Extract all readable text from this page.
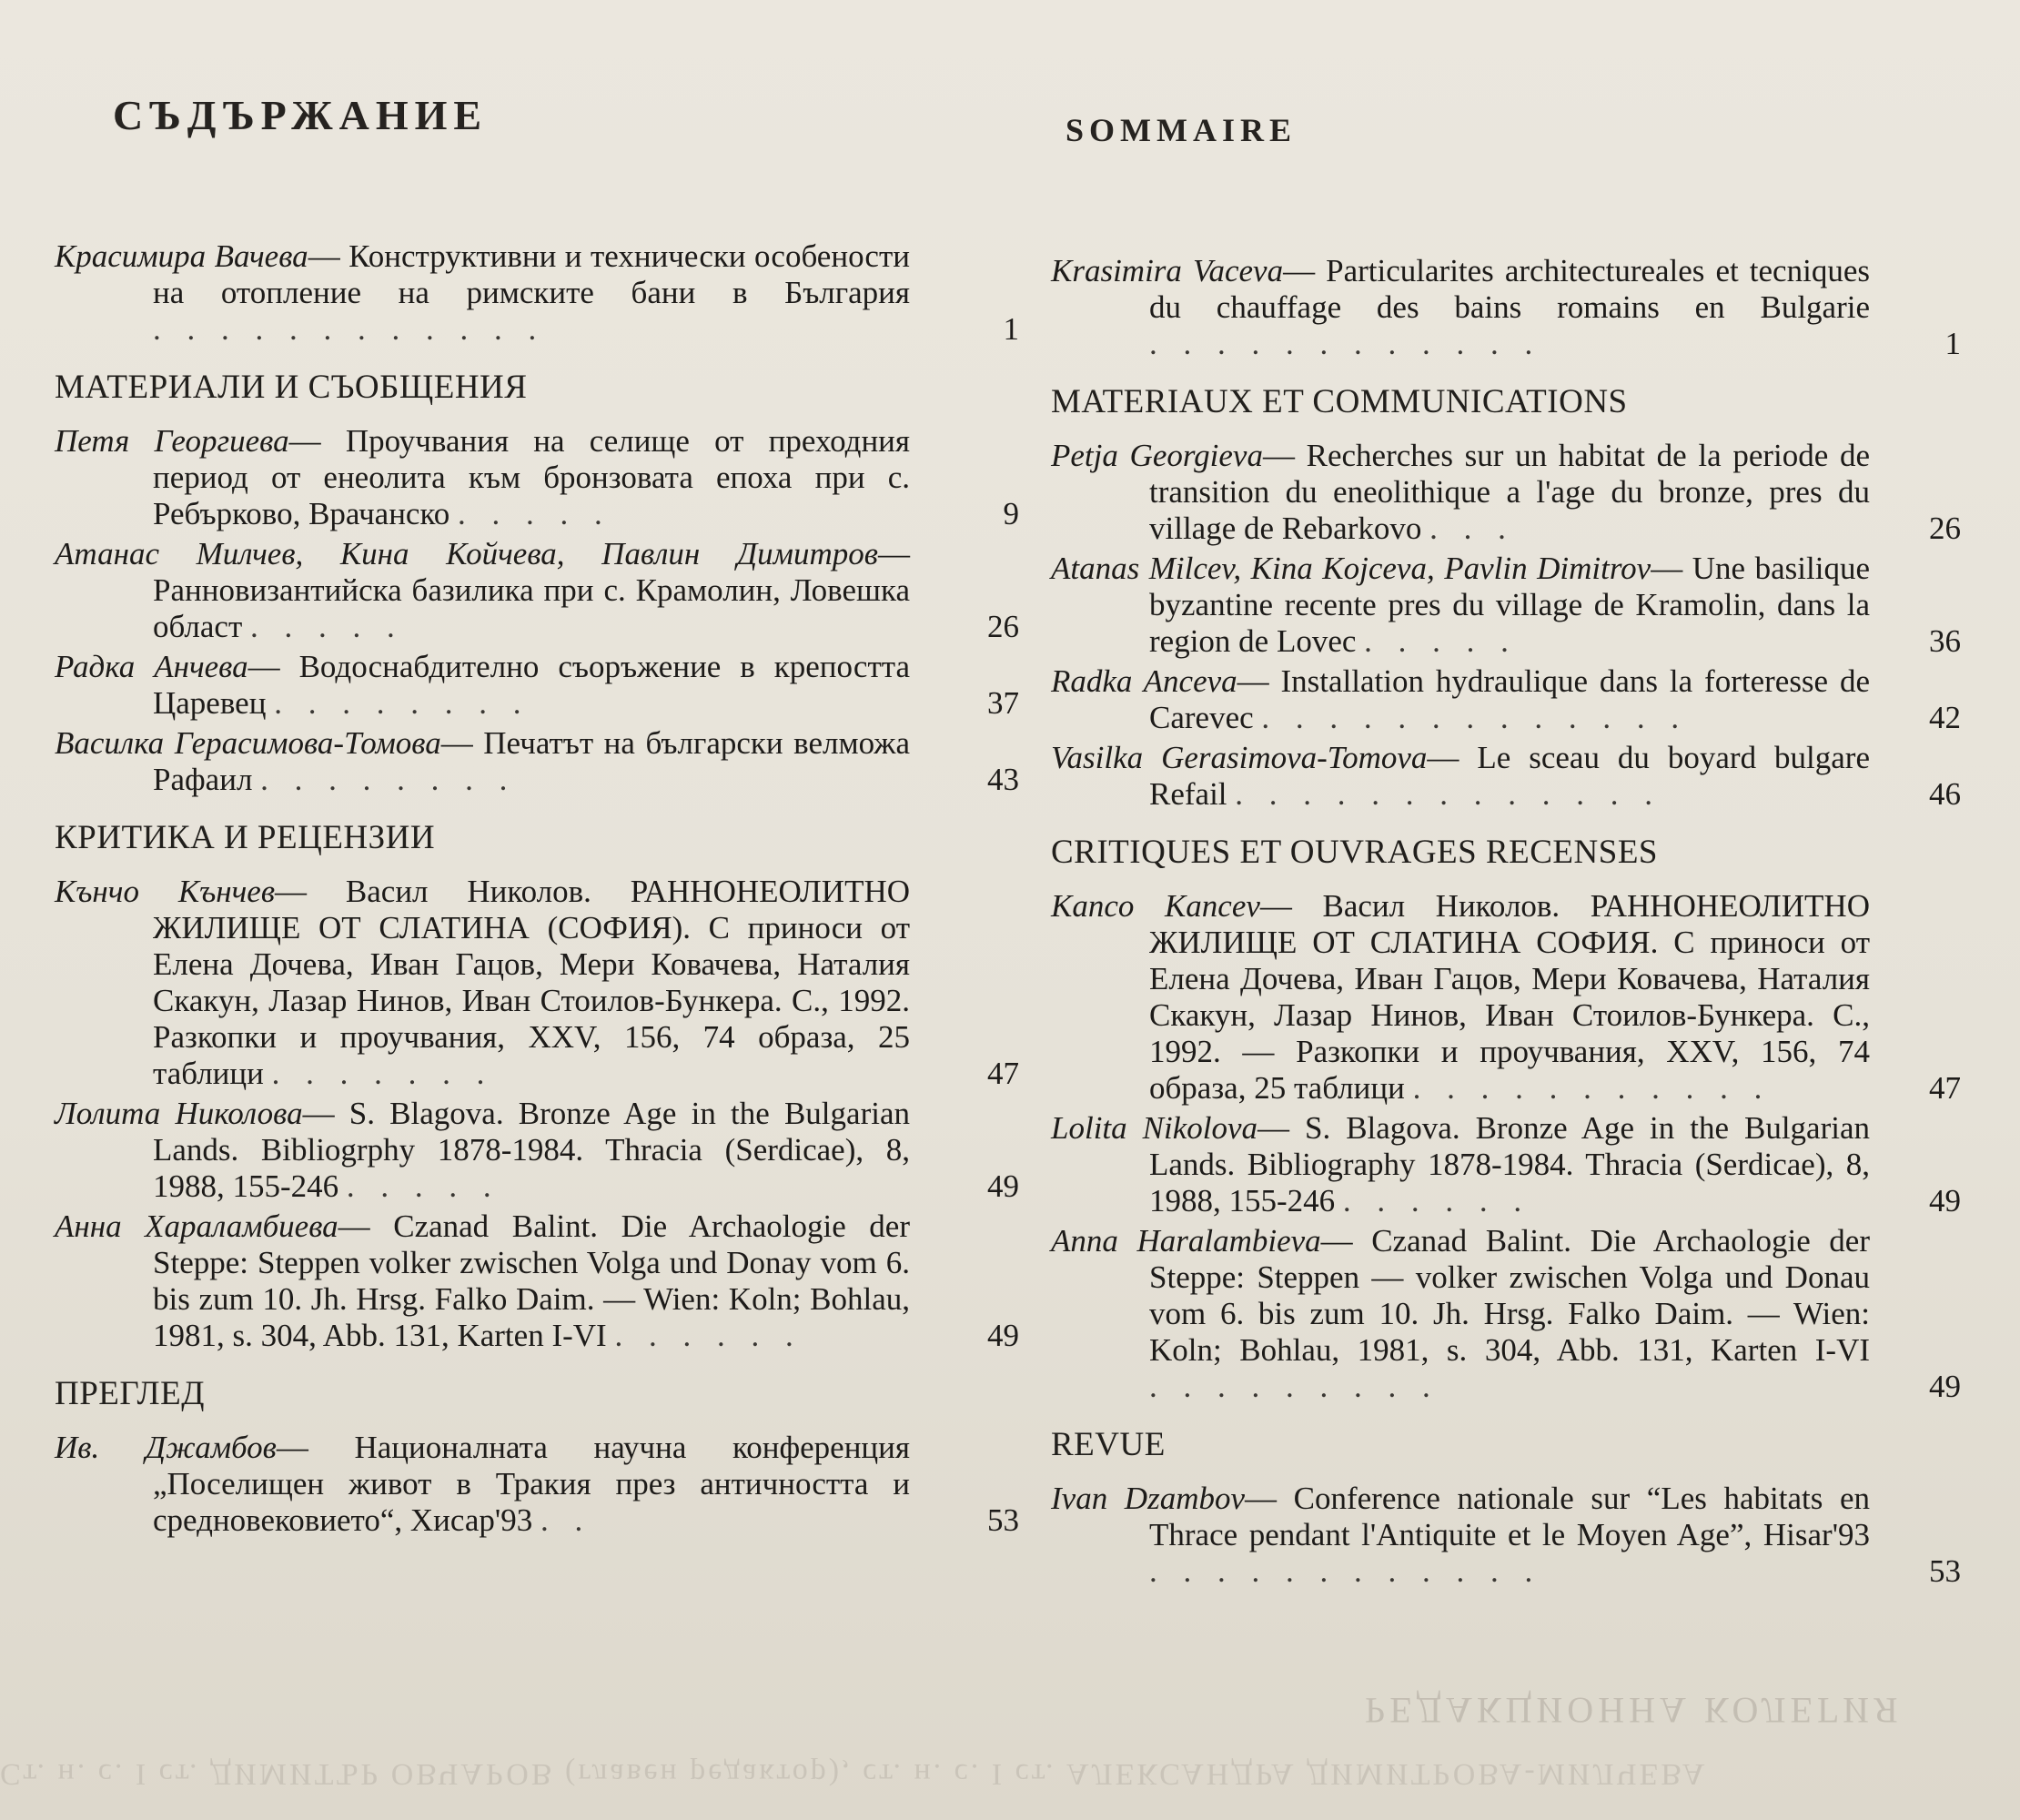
СЪДЪРЖАНИЕ
Красимира Вачева— Конструктивни и технически особености на отопление на римските бани в България . . . . . . . . . . . .	1
МАТЕРИАЛИ И СЪОБЩЕНИЯ
Петя Георгиева— Проучвания на селище от преходния период от енеолита към бронзовата епоха при с. Ребърково, Врачанско . . . . .	9
Атанас Милчев, Кина Койчева, Павлин Димитров— Ранновизантийска базилика при с. Крамолин, Ловешка област . . . . .	26
Радка Анчева— Водоснабдително съоръжение в крепостта Царевец . . . . . . . .	37
Василка Герасимова-Томова— Печатът на български велможа Рафаил . . . . . . . .	43
КРИТИКА И РЕЦЕНЗИИ
Кънчо Кънчев— Васил Николов. РАННОНЕОЛИТНО ЖИЛИЩЕ ОТ СЛАТИНА (СОФИЯ). С приноси от Елена Дочева, Иван Гацов, Мери Ковачева, Наталия Скакун, Лазар Нинов, Иван Стоилов-Бункера. С., 1992. Разкопки и проучвания, XXV, 156, 74 образа, 25 таблици . . . . . . .	47
Лолита Николова— S. Blagova. Bronze Age in the Bulgarian Lands. Bibliogrphy 1878-1984. Thracia (Serdicae), 8, 1988, 155-246 . . . . .	49
Анна Хараламбиева— Czanad Balint. Die Archaologie der Steppe: Steppen volker zwischen Volga und Donay vom 6. bis zum 10. Jh. Hrsg. Falko Daim. — Wien: Koln; Bohlau, 1981, s. 304, Abb. 131, Karten I-VI . . . . . .	49
ПРЕГЛЕД
Ив. Джамбов— Националната научна конференция „Поселищен живот в Тракия през античността и средновековието“, Хисар'93 . .	53
SOMMAIRE
Krasimira Vaceva— Particularites architectureales et tecniques du chauffage des bains romains en Bulgarie . . . . . . . . . . . .	1
MATERIAUX ET COMMUNICATIONS
Petja Georgieva— Recherches sur un habitat de la periode de transition du eneolithique a l'age du bronze, pres du village de Rebarkovo . . .	26
Atanas Milcev, Kina Kojceva, Pavlin Dimitrov— Une basilique byzantine recente pres du village de Kramolin, dans la region de Lovec . . . . .	36
Radka Anceva— Installation hydraulique dans la forteresse de Carevec . . . . . . . . . . . . .	42
Vasilka Gerasimova-Tomova— Le sceau du boyard bulgare Refail . . . . . . . . . . . . .	46
CRITIQUES ET OUVRAGES RECENSES
Kanco Kancev— Васил Николов. РАННОНЕОЛИТНО ЖИЛИЩЕ ОТ СЛАТИНА СОФИЯ. С приноси от Елена Дочева, Иван Гацов, Мери Ковачева, Наталия Скакун, Лазар Нинов, Иван Стоилов-Бункера. С., 1992. — Разкопки и проучвания, XXV, 156, 74 образа, 25 таблици . . . . . . . . . . .	47
Lolita Nikolova— S. Blagova. Bronze Age in the Bulgarian Lands. Bibliography 1878-1984. Thracia (Serdicae), 8, 1988, 155-246 . . . . . .	49
Anna Haralambieva— Czanad Balint. Die Archaologie der Steppe: Steppen — volker zwischen Volga und Donau vom 6. bis zum 10. Jh. Hrsg. Falko Daim. — Wien: Koln; Bohlau, 1981, s. 304, Abb. 131, Karten I-VI . . . . . . . . .	49
REVUE
Ivan Dzambov— Conference nationale sur “Les habitats en Thrace pendant l'Antiquite et le Moyen Age”, Hisar'93 . . . . . . . . . . . .	53
РЕДАКЦИОННА КОЛЕГИЯ
Ст. н. с. I ст. ДИМИТЪР ОВЧАРОВ (главен редактор), ст. н. с. I ст. АЛЕКСАНДРА ДИМИТРОВА-МИЛЧЕВА
